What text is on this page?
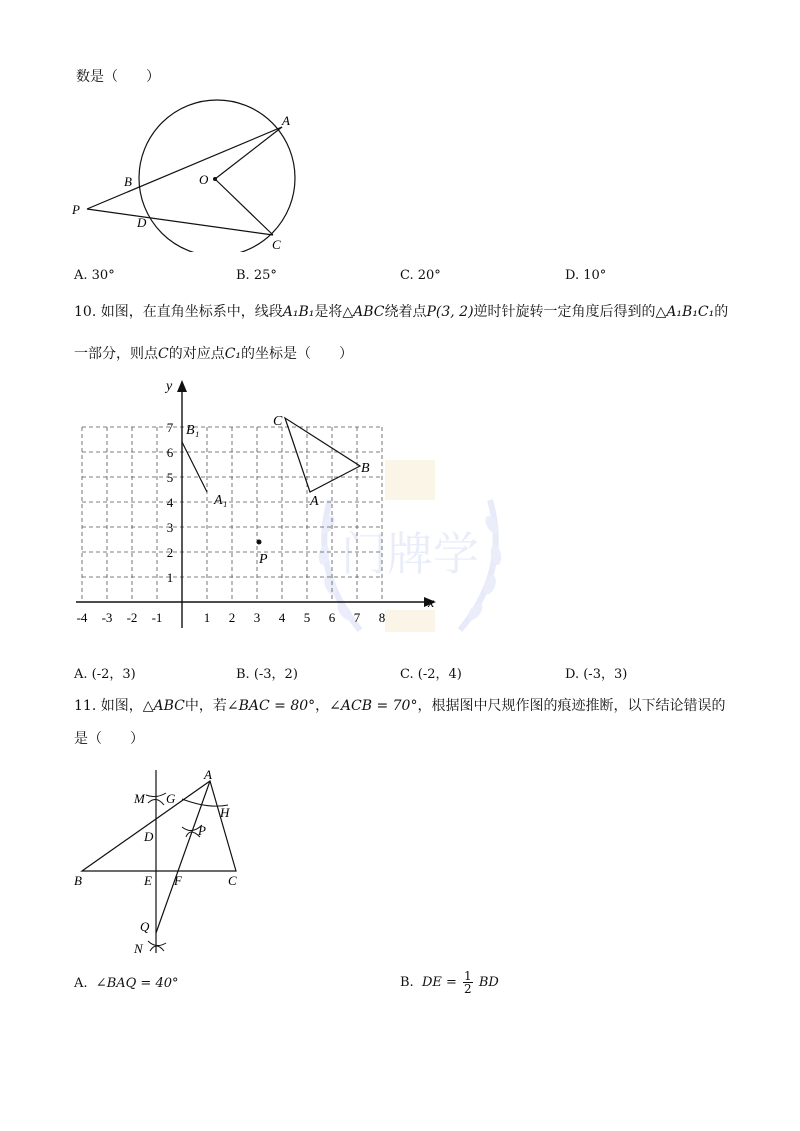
门牌学
数是（　　）
A
B
C
D
O
P
A. 30°	B. 25°	C. 20°	D. 10°
10. 如图，在直角坐标系中，线段A₁B₁是将△ABC绕着点P(3, 2)逆时针旋转一定角度后得到的△A₁B₁C₁的
一部分，则点C的对应点C₁的坐标是（　　）
x
y
-4 -3 -2 -1	1 2 3 4 5 6 7 8
1
2
3
4
5
6
7	C
A
B
B₁
A₁
P
A. (-2，3)	B. (-3，2)	C. (-2，4)	D. (-3，3)
11. 如图，△ABC中，若∠BAC = 80°，∠ACB = 70°，根据图中尺规作图的痕迹推断，以下结论错误的
是（　　）
A
B	C
D
E F
G
H
M
N
P
Q
A. ∠BAQ = 40°	B. DE = $\frac{1}{2}$ BD
